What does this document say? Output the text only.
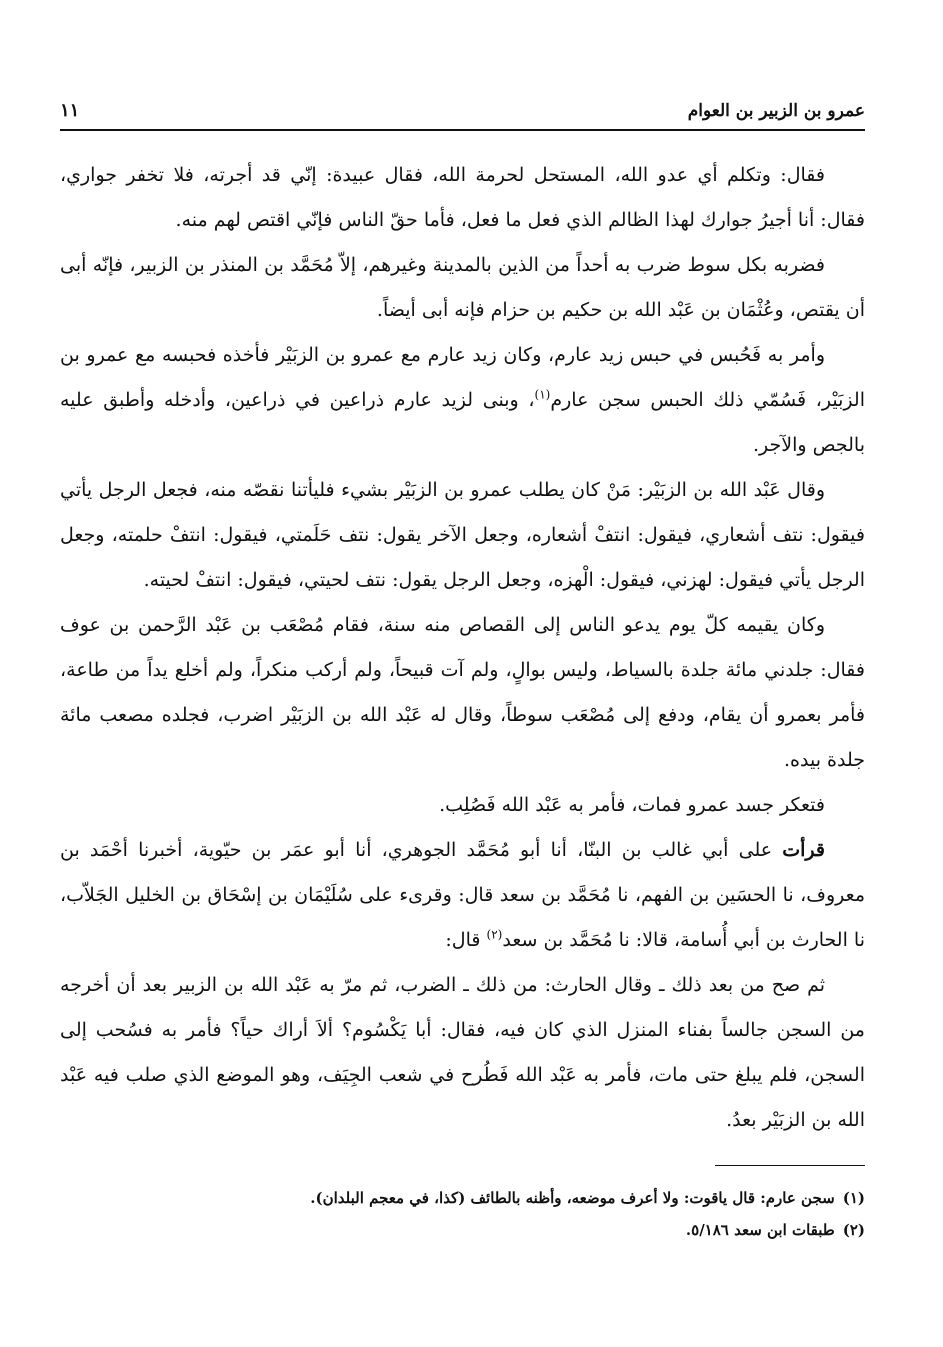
عمرو بن الزبير بن العوام
١١

فقال: وتكلم أي عدو الله، المستحل لحرمة الله، فقال عبيدة: إنّي قد أجرته، فلا تخفر جواري، فقال: أنا أجيرُ جوارك لهذا الظالم الذي فعل ما فعل، فأما حقّ الناس فإنّي اقتص لهم منه.

فضربه بكل سوط ضرب به أحداً من الذين بالمدينة وغيرهم، إلاّ مُحَمَّد بن المنذر بن الزبير، فإنّه أبى أن يقتص، وعُثْمَان بن عَبْد الله بن حكيم بن حزام فإنه أبى أيضاً.

وأمر به فَحُبس في حبس زيد عارم، وكان زيد عارم مع عمرو بن الزبَيْر فأخذه فحبسه مع عمرو بن الزبَيْر، فَسُمّي ذلك الحبس سجن عارم$^{(١)}$، وبنى لزيد عارم ذراعين في ذراعين، وأدخله وأطبق عليه بالجص والآجر.

وقال عَبْد الله بن الزبَيْر: مَنْ كان يطلب عمرو بن الزبَيْر بشيء فليأتنا نقصّه منه، فجعل الرجل يأتي فيقول: نتف أشعاري، فيقول: انتفْ أشعاره، وجعل الآخر يقول: نتف حَلَمتي، فيقول: انتفْ حلمته، وجعل الرجل يأتي فيقول: لهزني، فيقول: الْهزه، وجعل الرجل يقول: نتف لحيتي، فيقول: انتفْ لحيته.

وكان يقيمه كلّ يوم يدعو الناس إلى القصاص منه سنة، فقام مُصْعَب بن عَبْد الرَّحمن بن عوف فقال: جلدني مائة جلدة بالسياط، وليس بوالٍ، ولم آت قبيحاً، ولم أركب منكراً، ولم أخلع يداً من طاعة، فأمر بعمرو أن يقام، ودفع إلى مُصْعَب سوطاً، وقال له عَبْد الله بن الزبَيْر اضرب، فجلده مصعب مائة جلدة بيده.

فتعكر جسد عمرو فمات، فأمر به عَبْد الله فَصُلِب.

قرأت على أبي غالب بن البنّا، أنا أبو مُحَمَّد الجوهري، أنا أبو عمَر بن حيّوية، أخبرنا أحْمَد بن معروف، نا الحسَين بن الفهم، نا مُحَمَّد بن سعد قال: وقرىء على سُلَيْمَان بن إسْحَاق بن الخليل الجَلاّب، نا الحارث بن أبي أُسامة، قالا: نا مُحَمَّد بن سعد$^{(٢)}$ قال:

ثم صح من بعد ذلك ـ وقال الحارث: من ذلك ـ الضرب، ثم مرّ به عَبْد الله بن الزبير بعد أن أخرجه من السجن جالساً بفناء المنزل الذي كان فيه، فقال: أبا يَكْسُوم؟ ألاَ أراك حياً؟ فأمر به فسُحب إلى السجن، فلم يبلغ حتى مات، فأمر به عَبْد الله فَطُرح في شعب الجِيَف، وهو الموضع الذي صلب فيه عَبْد الله بن الزبَيْر بعدُ.

(١)سجن عارم: قال ياقوت: ولا أعرف موضعه، وأظنه بالطائف (كذا، في معجم البلدان).

(٢)طبقات ابن سعد ٥/١٨٦.
